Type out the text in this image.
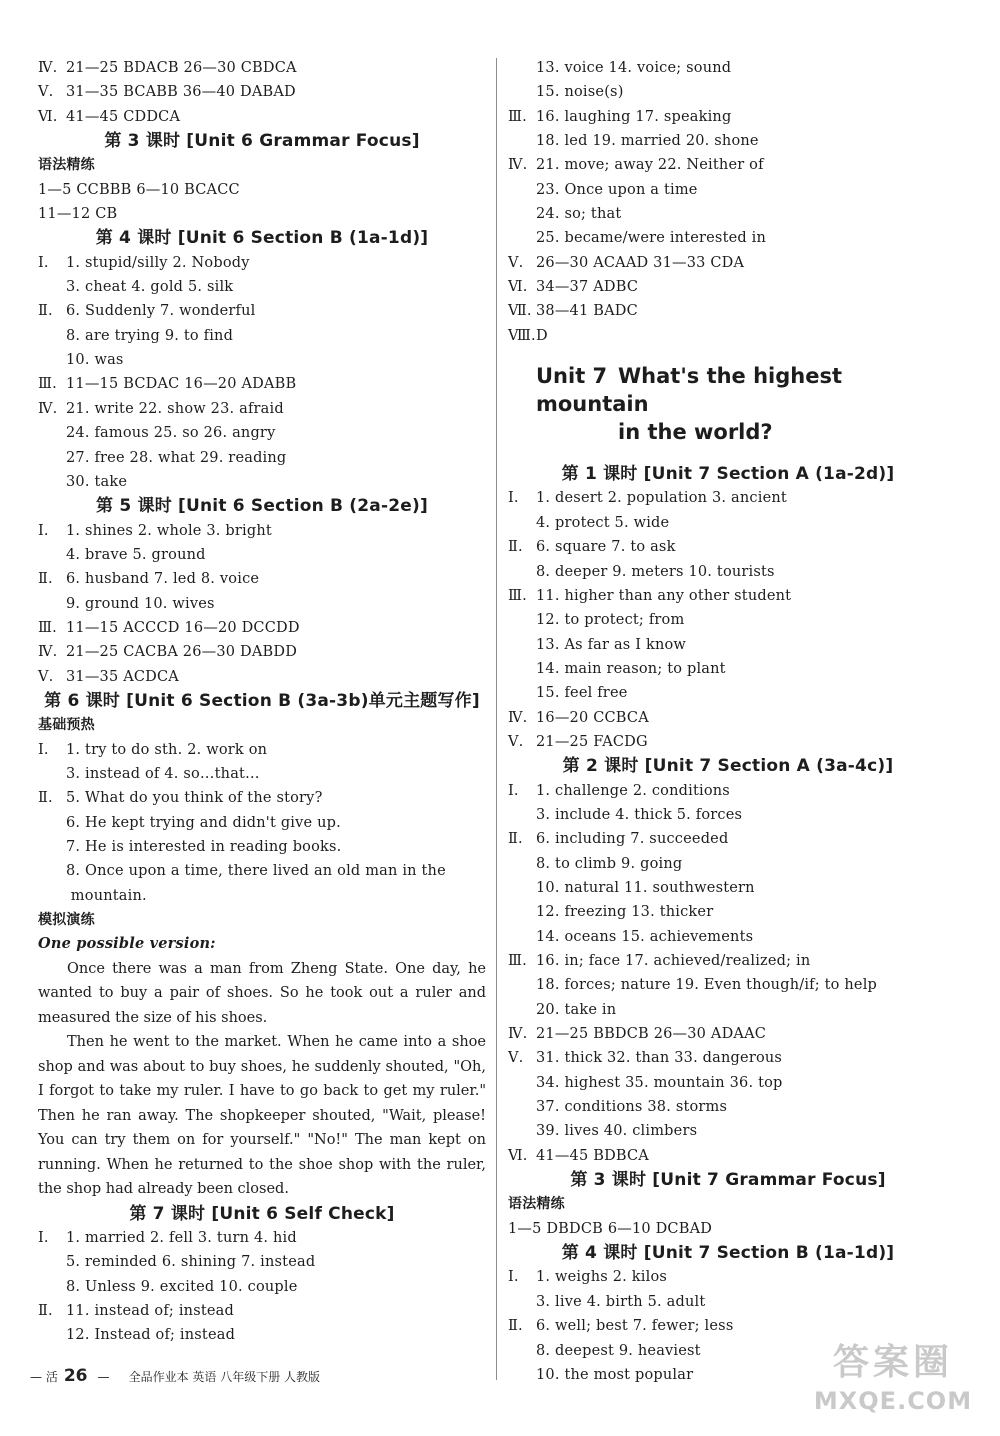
Ⅳ. 21—25 BDACB 26—30 CBDCA
Ⅴ. 31—35 BCABB 36—40 DABAD
Ⅵ. 41—45 CDDCA
第 3 课时 [Unit 6 Grammar Focus]
语法精练
1—5 CCBBB 6—10 BCACC
11—12 CB
第 4 课时 [Unit 6 Section B (1a-1d)]
Ⅰ. 1. stupid/silly 2. Nobody
3. cheat 4. gold 5. silk
Ⅱ. 6. Suddenly 7. wonderful
8. are trying 9. to find
10. was
Ⅲ. 11—15 BCDAC 16—20 ADABB
Ⅳ. 21. write 22. show 23. afraid
24. famous 25. so 26. angry
27. free 28. what 29. reading
30. take
第 5 课时 [Unit 6 Section B (2a-2e)]
Ⅰ. 1. shines 2. whole 3. bright
4. brave 5. ground
Ⅱ. 6. husband 7. led 8. voice
9. ground 10. wives
Ⅲ. 11—15 ACCCD 16—20 DCCDD
Ⅳ. 21—25 CACBA 26—30 DABDD
Ⅴ. 31—35 ACDCA
第 6 课时 [Unit 6 Section B (3a-3b)单元主题写作]
基础预热
Ⅰ. 1. try to do sth. 2. work on
3. instead of 4. so…that…
Ⅱ. 5. What do you think of the story?
6. He kept trying and didn't give up.
7. He is interested in reading books.
8. Once upon a time, there lived an old man in the
mountain.
模拟演练
One possible version:
Once there was a man from Zheng State. One day, he wanted to buy a pair of shoes. So he took out a ruler and measured the size of his shoes.
Then he went to the market. When he came into a shoe shop and was about to buy shoes, he suddenly shouted, "Oh, I forgot to take my ruler. I have to go back to get my ruler." Then he ran away. The shopkeeper shouted, "Wait, please! You can try them on for yourself." "No!" The man kept on running. When he returned to the shoe shop with the ruler, the shop had already been closed.
第 7 课时 [Unit 6 Self Check]
Ⅰ. 1. married 2. fell 3. turn 4. hid
5. reminded 6. shining 7. instead
8. Unless 9. excited 10. couple
Ⅱ. 11. instead of; instead
12. Instead of; instead
13. voice 14. voice; sound
15. noise(s)
Ⅲ. 16. laughing 17. speaking
18. led 19. married 20. shone
Ⅳ. 21. move; away 22. Neither of
23. Once upon a time
24. so; that
25. became/were interested in
Ⅴ. 26—30 ACAAD 31—33 CDA
Ⅵ. 34—37 ADBC
Ⅶ. 38—41 BADC
Ⅷ.D
Unit 7 What's the highest mountain
in the world?
第 1 课时 [Unit 7 Section A (1a-2d)]
Ⅰ. 1. desert 2. population 3. ancient
4. protect 5. wide
Ⅱ. 6. square 7. to ask
8. deeper 9. meters 10. tourists
Ⅲ. 11. higher than any other student
12. to protect; from
13. As far as I know
14. main reason; to plant
15. feel free
Ⅳ. 16—20 CCBCA
Ⅴ. 21—25 FACDG
第 2 课时 [Unit 7 Section A (3a-4c)]
Ⅰ. 1. challenge 2. conditions
3. include 4. thick 5. forces
Ⅱ. 6. including 7. succeeded
8. to climb 9. going
10. natural 11. southwestern
12. freezing 13. thicker
14. oceans 15. achievements
Ⅲ. 16. in; face 17. achieved/realized; in
18. forces; nature 19. Even though/if; to help
20. take in
Ⅳ. 21—25 BBDCB 26—30 ADAAC
Ⅴ. 31. thick 32. than 33. dangerous
34. highest 35. mountain 36. top
37. conditions 38. storms
39. lives 40. climbers
Ⅵ. 41—45 BDBCA
第 3 课时 [Unit 7 Grammar Focus]
语法精练
1—5 DBDCB 6—10 DCBAD
第 4 课时 [Unit 7 Section B (1a-1d)]
Ⅰ. 1. weighs 2. kilos
3. live 4. birth 5. adult
Ⅱ. 6. well; best 7. fewer; less
8. deepest 9. heaviest
10. the most popular
— 活 26 — 全品作业本 英语 八年级下册 人教版	答案圈
MXQE.COM
